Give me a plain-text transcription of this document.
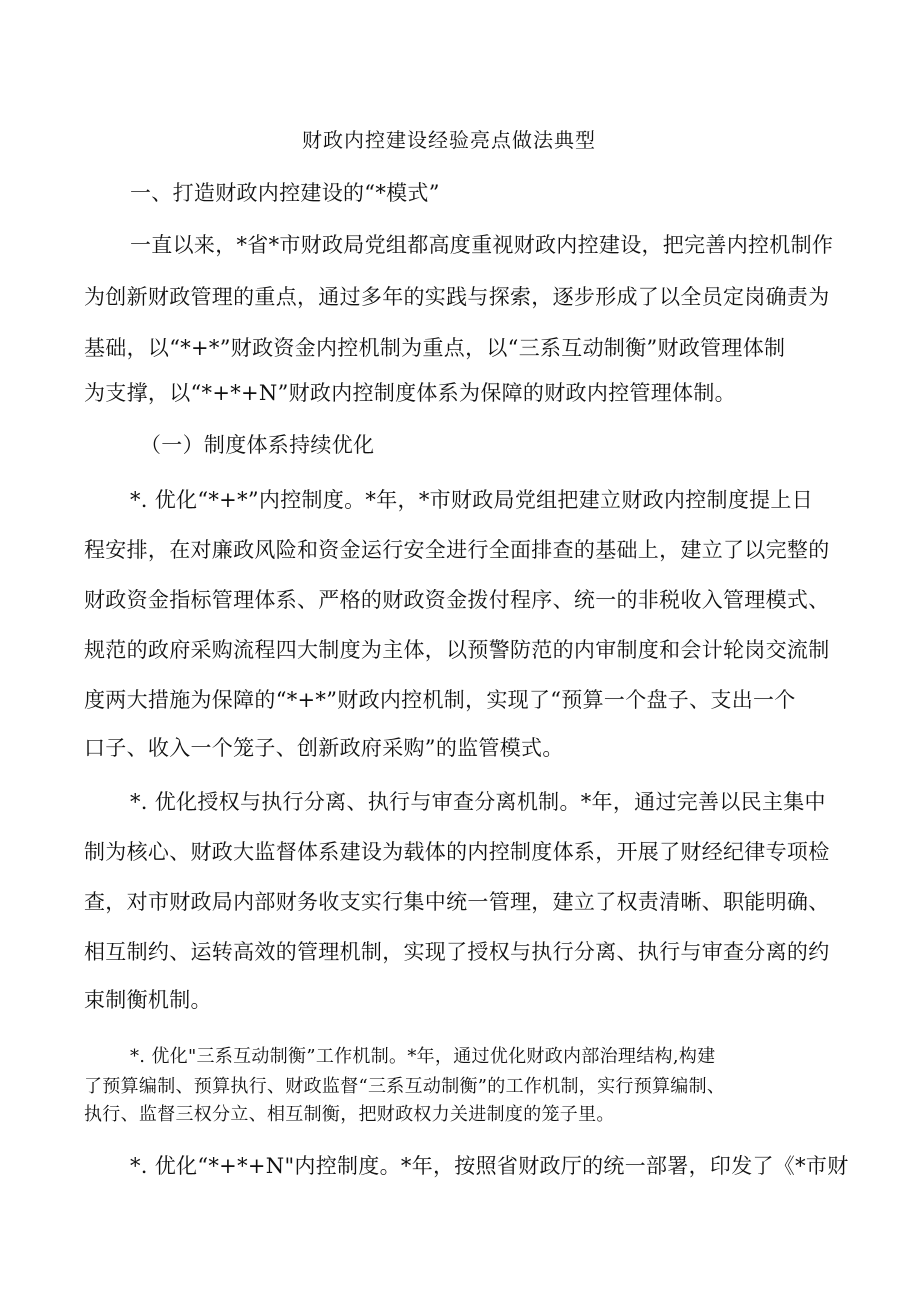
财政内控建设经验亮点做法典型
一、打造财政内控建设的“*模式”
一直以来，*省*市财政局党组都高度重视财政内控建设，把完善内控机制作
为创新财政管理的重点，通过多年的实践与探索，逐步形成了以全员定岗确责为
基础，以“*+*”财政资金内控机制为重点，以“三系互动制衡”财政管理体制
为支撑，以“*+*+N”财政内控制度体系为保障的财政内控管理体制。
（一）制度体系持续优化
*. 优化“*+*”内控制度。*年，*市财政局党组把建立财政内控制度提上日
程安排，在对廉政风险和资金运行安全进行全面排查的基础上，建立了以完整的
财政资金指标管理体系、严格的财政资金拨付程序、统一的非税收入管理模式、
规范的政府采购流程四大制度为主体，以预警防范的内审制度和会计轮岗交流制
度两大措施为保障的“*+*”财政内控机制，实现了“预算一个盘子、支出一个
口子、收入一个笼子、创新政府采购”的监管模式。
*. 优化授权与执行分离、执行与审查分离机制。*年，通过完善以民主集中
制为核心、财政大监督体系建设为载体的内控制度体系，开展了财经纪律专项检
查，对市财政局内部财务收支实行集中统一管理，建立了权责清晰、职能明确、
相互制约、运转高效的管理机制，实现了授权与执行分离、执行与审查分离的约
束制衡机制。
*. 优化"三系互动制衡”工作机制。*年，通过优化财政内部治理结构,构建
了预算编制、预算执行、财政监督“三系互动制衡”的工作机制，实行预算编制、
执行、监督三权分立、相互制衡，把财政权力关进制度的笼子里。
*. 优化“*+*+N"内控制度。*年，按照省财政厅的统一部署，印发了《*市财
